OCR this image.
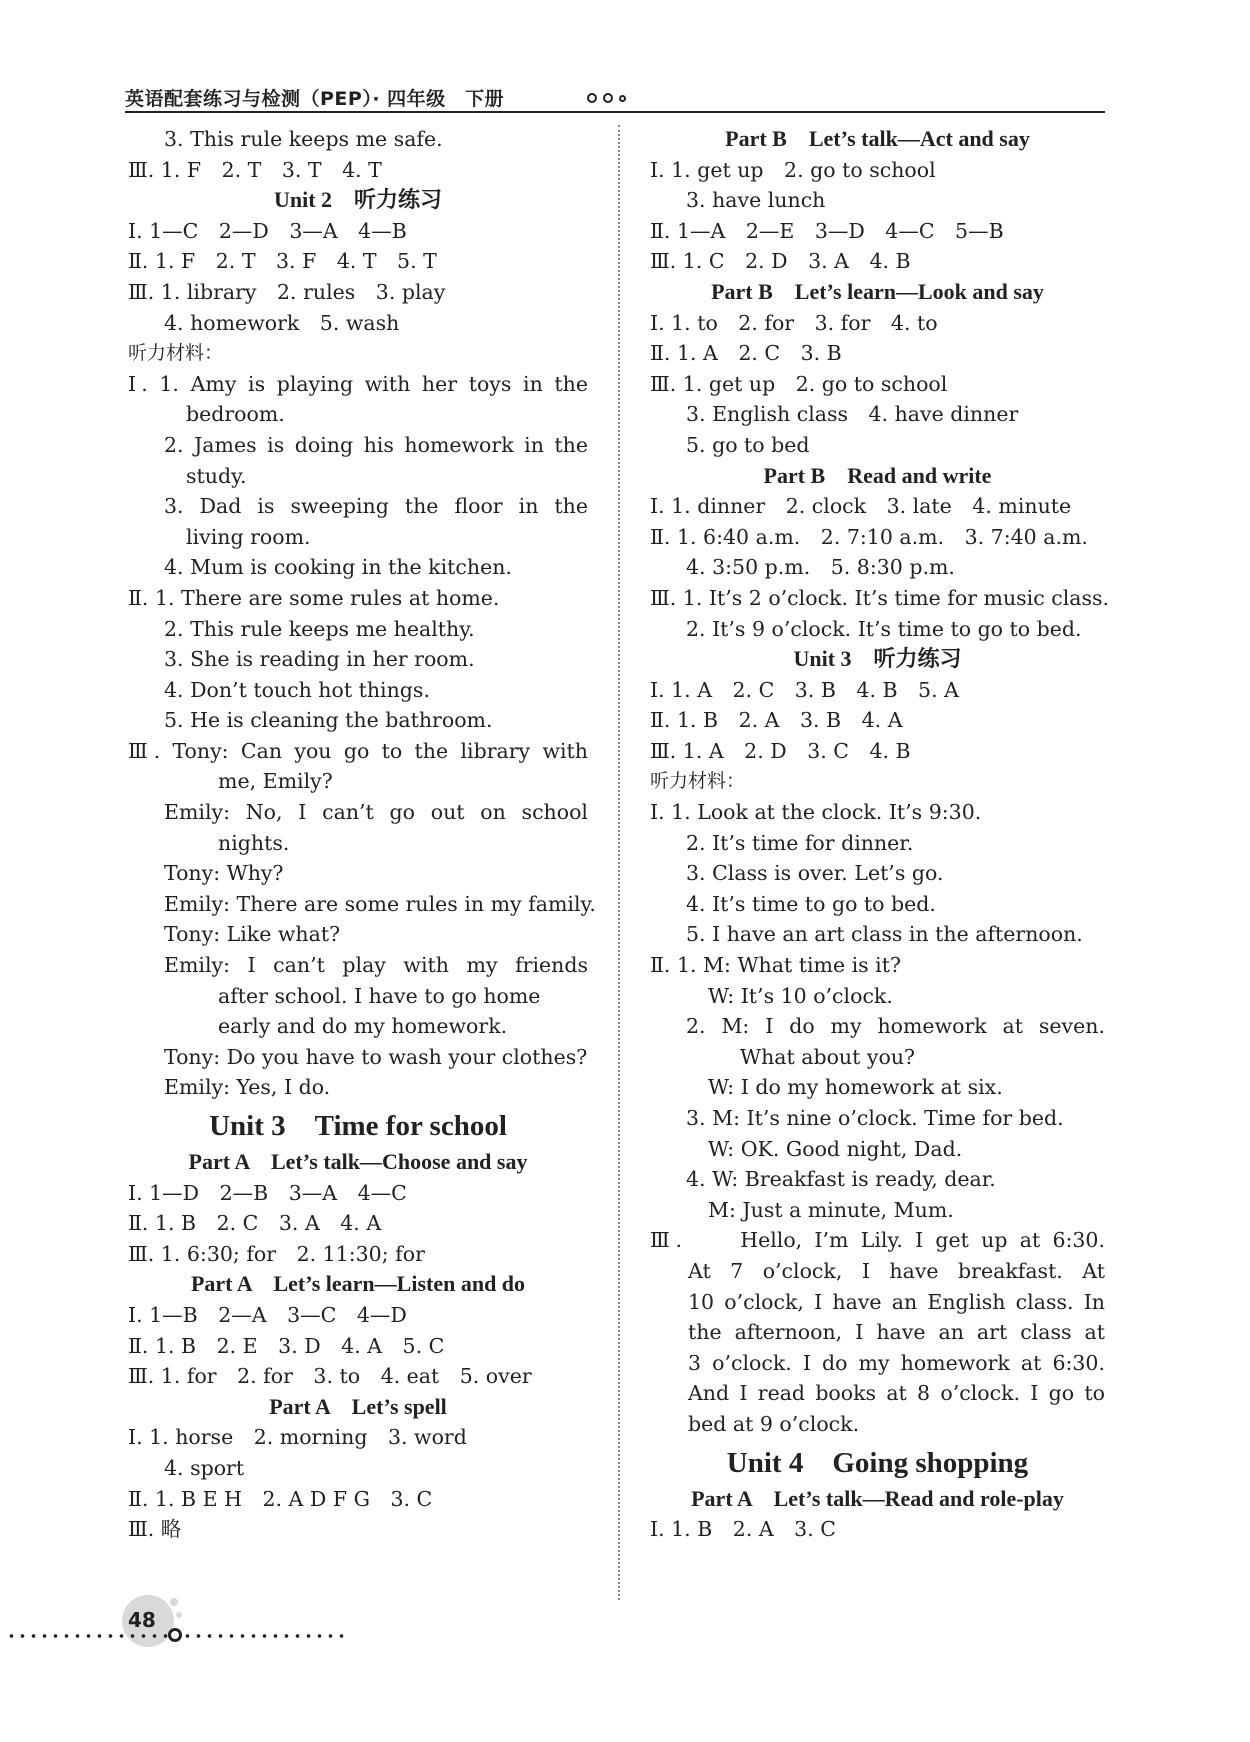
英语配套练习与检测（PEP）· 四年级　下册
3. This rule keeps me safe.
Ⅲ. 1. F　2. T　3. T　4. T
Unit 2　听力练习
Ⅰ. 1—C　2—D　3—A　4—B
Ⅱ. 1. F　2. T　3. F　4. T　5. T
Ⅲ. 1. library　2. rules　3. play
4. homework　5. wash
听力材料：
Ⅰ. 1. Amy is playing with her toys in the
bedroom.
2. James is doing his homework in the
study.
3. Dad is sweeping the floor in the
living room.
4. Mum is cooking in the kitchen.
Ⅱ. 1. There are some rules at home.
2. This rule keeps me healthy.
3. She is reading in her room.
4. Don’t touch hot things.
5. He is cleaning the bathroom.
Ⅲ. Tony: Can you go to the library with
me, Emily?
Emily: No, I can’t go out on school
nights.
Tony: Why?
Emily: There are some rules in my family.
Tony: Like what?
Emily: I can’t play with my friends
after school. I have to go home
early and do my homework.
Tony: Do you have to wash your clothes?
Emily: Yes, I do.
Unit 3　Time for school
Part A　Let’s talk—Choose and say
Ⅰ. 1—D　2—B　3—A　4—C
Ⅱ. 1. B　2. C　3. A　4. A
Ⅲ. 1. 6:30; for　2. 11:30; for
Part A　Let’s learn—Listen and do
Ⅰ. 1—B　2—A　3—C　4—D
Ⅱ. 1. B　2. E　3. D　4. A　5. C
Ⅲ. 1. for　2. for　3. to　4. eat　5. over
Part A　Let’s spell
Ⅰ. 1. horse　2. morning　3. word
4. sport
Ⅱ. 1. B E H　2. A D F G　3. C
Ⅲ. 略
Part B　Let’s talk—Act and say
Ⅰ. 1. get up　2. go to school
3. have lunch
Ⅱ. 1—A　2—E　3—D　4—C　5—B
Ⅲ. 1. C　2. D　3. A　4. B
Part B　Let’s learn—Look and say
Ⅰ. 1. to　2. for　3. for　4. to
Ⅱ. 1. A　2. C　3. B
Ⅲ. 1. get up　2. go to school
3. English class　4. have dinner
5. go to bed
Part B　Read and write
Ⅰ. 1. dinner　2. clock　3. late　4. minute
Ⅱ. 1. 6:40 a.m.　2. 7:10 a.m.　3. 7:40 a.m.
4. 3:50 p.m.　5. 8:30 p.m.
Ⅲ. 1. It’s 2 o’clock. It’s time for music class.
2. It’s 9 o’clock. It’s time to go to bed.
Unit 3　听力练习
Ⅰ. 1. A　2. C　3. B　4. B　5. A
Ⅱ. 1. B　2. A　3. B　4. A
Ⅲ. 1. A　2. D　3. C　4. B
听力材料：
Ⅰ. 1. Look at the clock. It’s 9:30.
2. It’s time for dinner.
3. Class is over. Let’s go.
4. It’s time to go to bed.
5. I have an art class in the afternoon.
Ⅱ. 1. M: What time is it?
W: It’s 10 o’clock.
2. M: I do my homework at seven.
What about you?
W: I do my homework at six.
3. M: It’s nine o’clock. Time for bed.
W: OK. Good night, Dad.
4. W: Breakfast is ready, dear.
M: Just a minute, Mum.
Ⅲ.　　Hello, I’m Lily. I get up at 6:30.
At 7 o’clock, I have breakfast. At
10 o’clock, I have an English class. In
the afternoon, I have an art class at
3 o’clock. I do my homework at 6:30.
And I read books at 8 o’clock. I go to
bed at 9 o’clock.
Unit 4　Going shopping
Part A　Let’s talk—Read and role-play
Ⅰ. 1. B　2. A　3. C
48
